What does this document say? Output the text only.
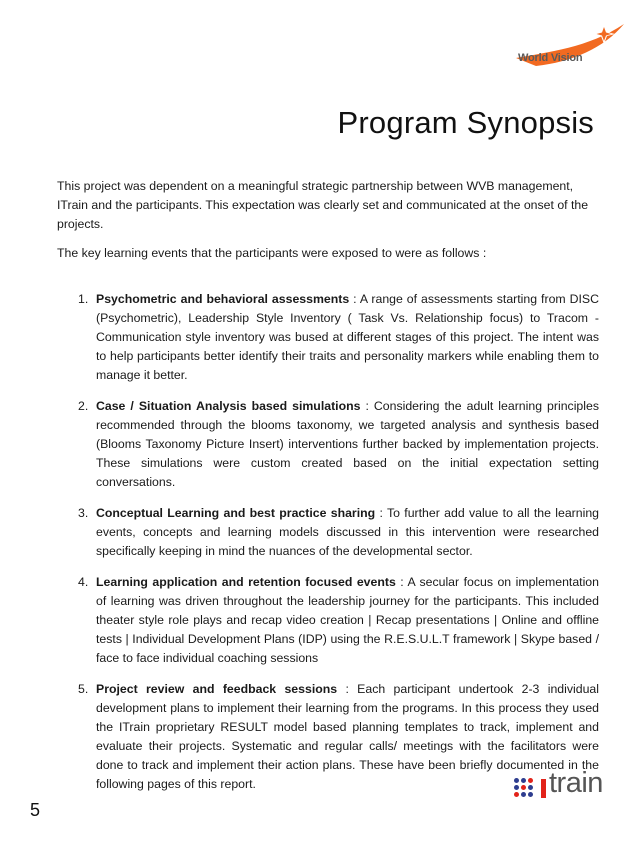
World Vision
Program Synopsis

This project was dependent on a meaningful strategic partnership between WVB management, ITrain and the participants. This expectation was clearly set and communicated at the onset of the projects.

The key learning events that the participants were exposed to were as follows :

1. Psychometric and behavioral assessments : A range of assessments starting from DISC (Psychometric), Leadership Style Inventory ( Task Vs. Relationship focus) to Tracom - Communication style inventory was bused at different stages of this project. The intent was to help participants better identify their traits and personality markers while enabling them to manage it better.
2. Case / Situation Analysis based simulations : Considering the adult learning principles recommended through the blooms taxonomy, we targeted analysis and synthesis based (Blooms Taxonomy Picture Insert) interventions further backed by implementation projects. These simulations were custom created based on the initial expectation setting conversations.
3. Conceptual Learning and best practice sharing : To further add value to all the learning events, concepts and learning models discussed in this intervention were researched specifically keeping in mind the nuances of the developmental sector.
4. Learning application and retention focused events : A secular focus on implementation of learning was driven throughout the leadership journey for the participants. This included theater style role plays and recap video creation | Recap presentations | Online and offline tests | Individual Development Plans (IDP) using the R.E.S.U.L.T framework | Skype based / face to face individual coaching sessions
5. Project review and feedback sessions : Each participant undertook 2-3 individual development plans to implement their learning from the programs. In this process they used the ITrain proprietary RESULT model based planning templates to track, implement and evaluate their projects. Systematic and regular calls/ meetings with the facilitators were done to track and implement their action plans. These have been briefly documented in the following pages of this report.	train
5
